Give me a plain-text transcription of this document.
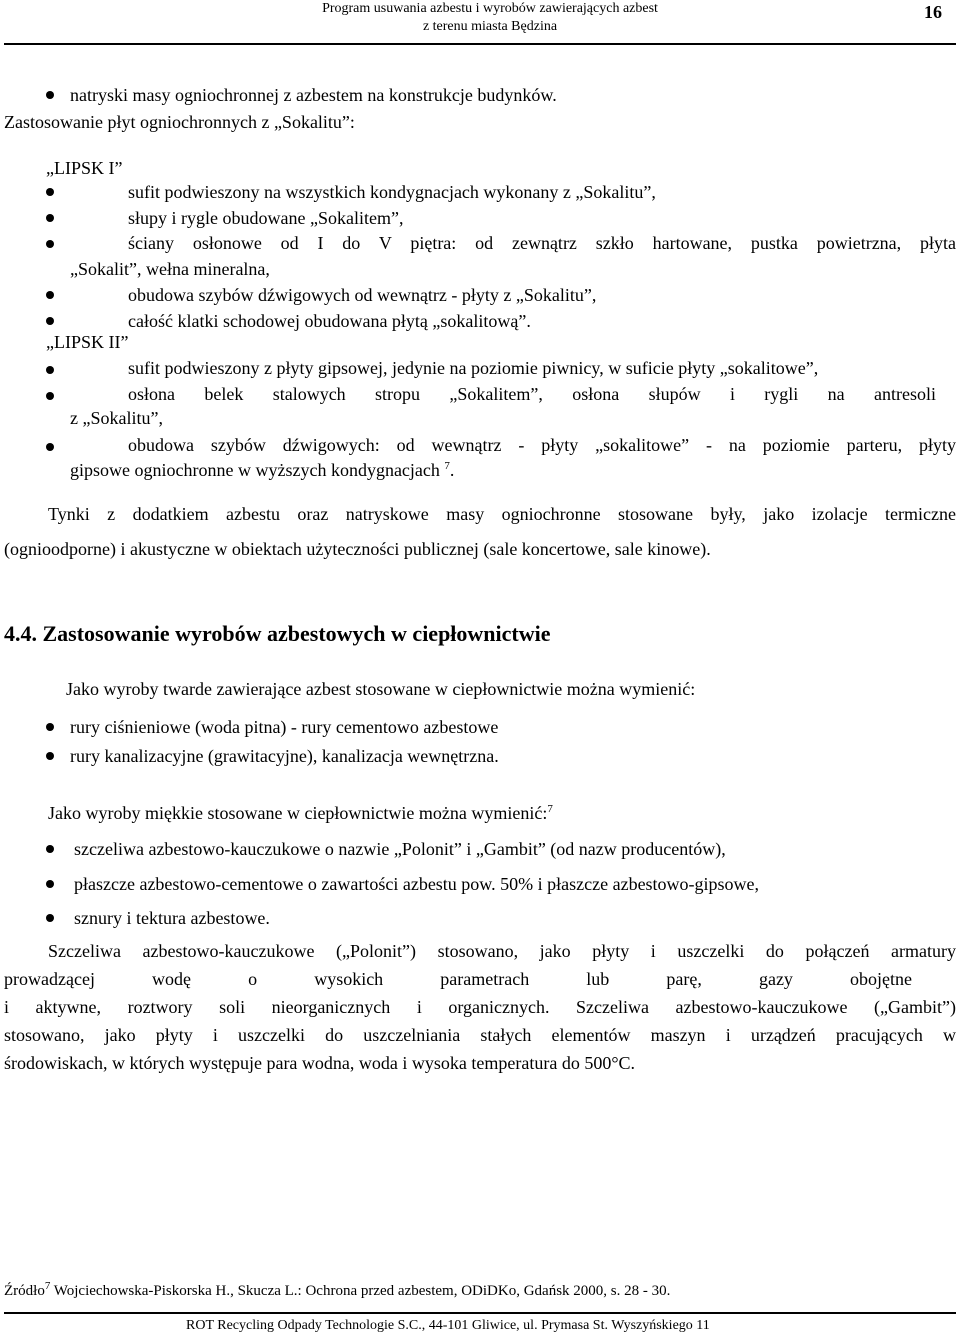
Program usuwania azbestu i wyrobów zawierających azbest
z terenu miasta Będzina
16
natryski masy ogniochronnej z azbestem na konstrukcje budynków.
Zastosowanie płyt ogniochronnych z „Sokalitu”:
„LIPSK I”
sufit podwieszony na wszystkich kondygnacjach wykonany z „Sokalitu”,
słupy i rygle obudowane „Sokalitem”,
ściany osłonowe od I do V piętra: od zewnątrz szkło hartowane, pustka powietrzna, płyta
„Sokalit”, wełna mineralna,
obudowa szybów dźwigowych od wewnątrz - płyty z „Sokalitu”,
całość klatki schodowej obudowana płytą „sokalitową”.
„LIPSK II”
sufit podwieszony z płyty gipsowej, jedynie na poziomie piwnicy, w suficie płyty „sokalitowe”,
osłona belek stalowych stropu „Sokalitem”, osłona słupów i rygli na antresoli
z „Sokalitu”,
obudowa szybów dźwigowych: od wewnątrz - płyty „sokalitowe” - na poziomie parteru, płyty
gipsowe ogniochronne w wyższych kondygnacjach $^7$.
Tynki z dodatkiem azbestu oraz natryskowe masy ogniochronne stosowane były, jako izolacje termiczne
(ognioodporne) i akustyczne w obiektach użyteczności publicznej (sale koncertowe, sale kinowe).
4.4. Zastosowanie wyrobów azbestowych w ciepłownictwie
Jako wyroby twarde zawierające azbest stosowane w ciepłownictwie można wymienić:
rury ciśnieniowe (woda pitna) - rury cementowo azbestowe
rury kanalizacyjne (grawitacyjne), kanalizacja wewnętrzna.
Jako wyroby miękkie stosowane w ciepłownictwie można wymienić:$^7$
szczeliwa azbestowo-kauczukowe o nazwie „Polonit” i „Gambit” (od nazw producentów),
płaszcze azbestowo-cementowe o zawartości azbestu pow. 50% i płaszcze azbestowo-gipsowe,
sznury i tektura azbestowe.
Szczeliwa azbestowo-kauczukowe („Polonit”) stosowano, jako płyty i uszczelki do połączeń armatury
prowadzącej wodę o wysokich parametrach lub parę, gazy obojętne
i aktywne, roztwory soli nieorganicznych i organicznych. Szczeliwa azbestowo-kauczukowe („Gambit”)
stosowano, jako płyty i uszczelki do uszczelniania stałych elementów maszyn i urządzeń pracujących w
środowiskach, w których występuje para wodna, woda i wysoka temperatura do 500°C.
Źródło$^7$ Wojciechowska-Piskorska H., Skucza L.: Ochrona przed azbestem, ODiDKo, Gdańsk 2000, s. 28 - 30.
ROT Recycling Odpady Technologie S.C., 44-101 Gliwice, ul. Prymasa St. Wyszyńskiego 11
